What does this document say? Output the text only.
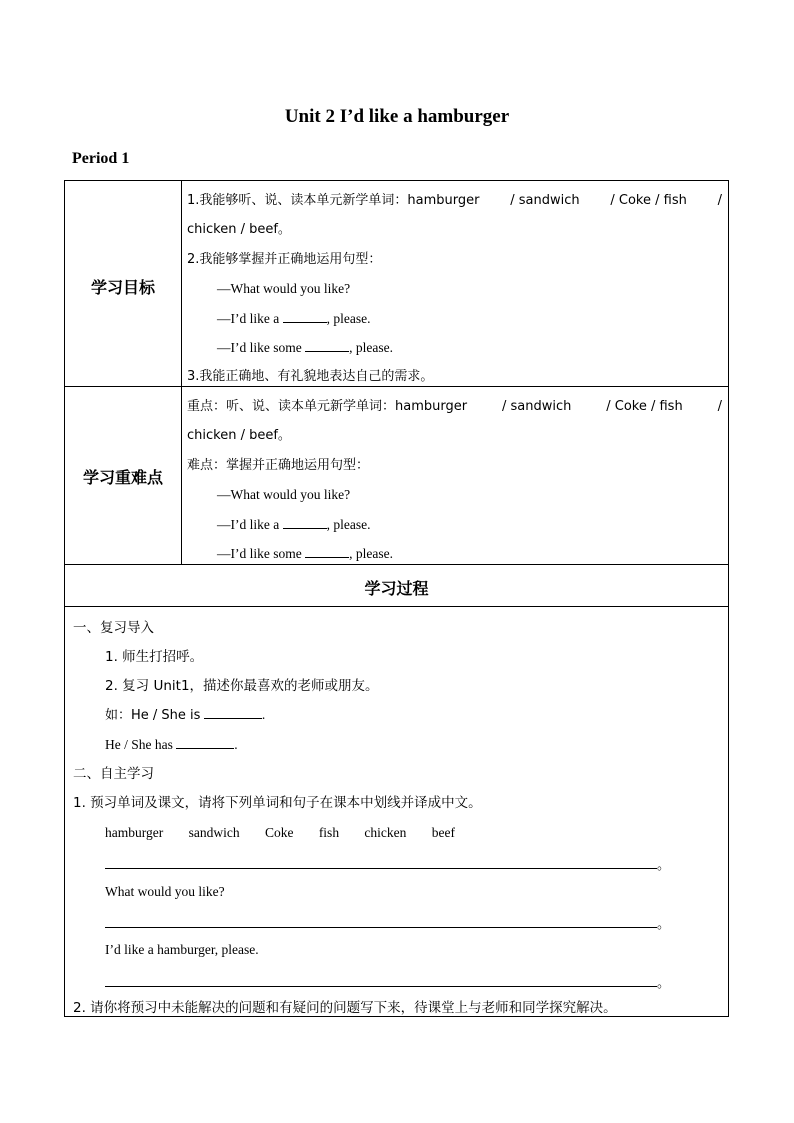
Unit 2 I’d like a hamburger
Period 1
学习目标
1.我能够听、说、读本单元新学单词：hamburger / sandwich / Coke / fish /
chicken / beef。
2.我能够掌握并正确地运用句型：
—What would you like?
—I’d like a	, please.
—I’d like some	, please.
3.我能正确地、有礼貌地表达自己的需求。
学习重难点
重点：听、说、读本单元新学单词：hamburger	/ sandwich	/ Coke / fish	/
chicken / beef。
难点：掌握并正确地运用句型：
—What would you like?
—I’d like a	, please.
—I’d like some	, please.
学习过程
一、复习导入
1. 师生打招呼。
2. 复习 Unit1，描述你最喜欢的老师或朋友。
如：He / She is	.
He / She has	.
二、自主学习
1. 预习单词及课文，请将下列单词和句子在课本中划线并译成中文。
hamburger sandwich Coke fish chicken beef
。
What would you like?
。
I’d like a hamburger, please.
。
2. 请你将预习中未能解决的问题和有疑问的问题写下来，待课堂上与老师和同学探究解决。
